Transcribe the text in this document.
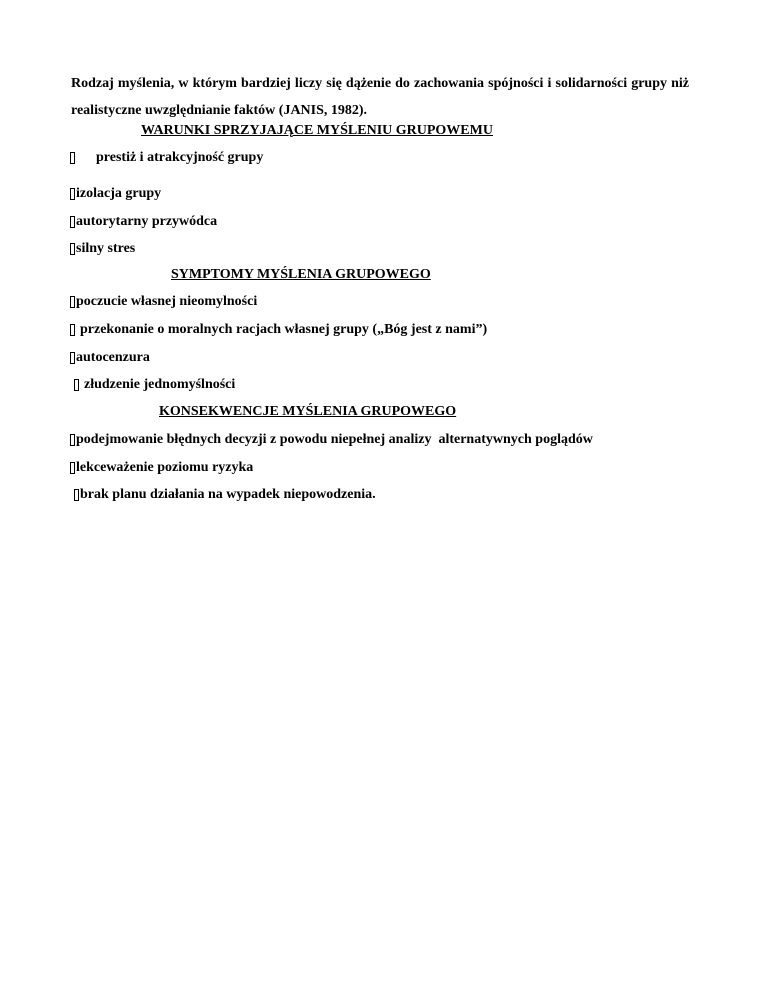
Rodzaj myślenia, w którym bardziej liczy się dążenie do zachowania spójności i solidarności grupy niż realistyczne uwzględnianie faktów (JANIS, 1982).
WARUNKI SPRZYJAJĄCE MYŚLENIU GRUPOWEMU
prestiż i atrakcyjność grupy
izolacja grupy
autorytarny przywódca
silny stres
SYMPTOMY MYŚLENIA GRUPOWEGO
poczucie własnej nieomylności
przekonanie o moralnych racjach własnej grupy („Bóg jest z nami”)
autocenzura
złudzenie jednomyślności
KONSEKWENCJE MYŚLENIA GRUPOWEGO
podejmowanie błędnych decyzji z powodu niepełnej analizy  alternatywnych poglądów
lekceważenie poziomu ryzyka
brak planu działania na wypadek niepowodzenia.
